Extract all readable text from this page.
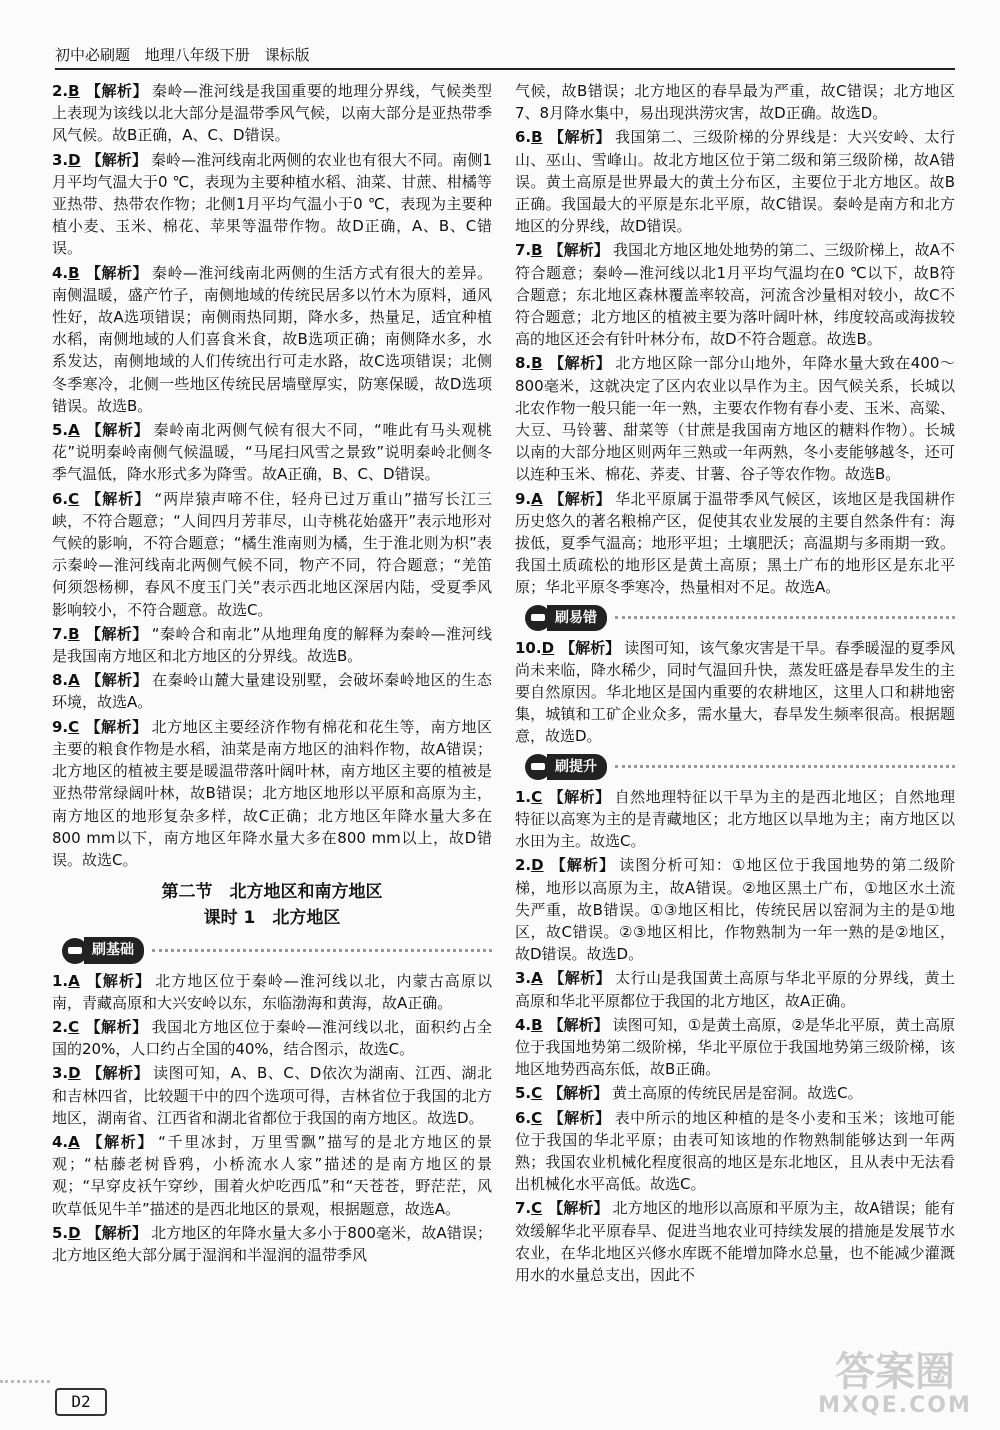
初中必刷题 地理八年级下册 课标版
2.B 【解析】 秦岭—淮河线是我国重要的地理分界线，气候类型上表现为该线以北大部分是温带季风气候，以南大部分是亚热带季风气候。故B正确，A、C、D错误。
3.D 【解析】 秦岭—淮河线南北两侧的农业也有很大不同。南侧1月平均气温大于0 ℃，表现为主要种植水稻、油菜、甘蔗、柑橘等亚热带、热带农作物；北侧1月平均气温小于0 ℃，表现为主要种植小麦、玉米、棉花、苹果等温带作物。故D正确，A、B、C错误。
4.B 【解析】 秦岭—淮河线南北两侧的生活方式有很大的差异。南侧温暖，盛产竹子，南侧地域的传统民居多以竹木为原料，通风性好，故A选项错误；南侧雨热同期，降水多，热量足，适宜种植水稻，南侧地域的人们喜食米食，故B选项正确；南侧降水多，水系发达，南侧地域的人们传统出行可走水路，故C选项错误；北侧冬季寒冷，北侧一些地区传统民居墙壁厚实，防寒保暖，故D选项错误。故选B。
5.A 【解析】 秦岭南北两侧气候有很大不同，“唯此有马头观桃花”说明秦岭南侧气候温暖，“马尾扫风雪之景致”说明秦岭北侧冬季气温低，降水形式多为降雪。故A正确，B、C、D错误。
6.C 【解析】 “两岸猿声啼不住，轻舟已过万重山”描写长江三峡，不符合题意；“人间四月芳菲尽，山寺桃花始盛开”表示地形对气候的影响，不符合题意；“橘生淮南则为橘，生于淮北则为枳”表示秦岭—淮河线南北两侧气候不同，物产不同，符合题意；“羌笛何须怨杨柳，春风不度玉门关”表示西北地区深居内陆，受夏季风影响较小，不符合题意。故选C。
7.B 【解析】 “秦岭合和南北”从地理角度的解释为秦岭—淮河线是我国南方地区和北方地区的分界线。故选B。
8.A 【解析】 在秦岭山麓大量建设别墅，会破坏秦岭地区的生态环境，故选A。
9.C 【解析】 北方地区主要经济作物有棉花和花生等，南方地区主要的粮食作物是水稻，油菜是南方地区的油料作物，故A错误；北方地区的植被主要是暖温带落叶阔叶林，南方地区主要的植被是亚热带常绿阔叶林，故B错误；北方地区地形以平原和高原为主，南方地区的地形复杂多样，故C正确；北方地区年降水量大多在800 mm以下，南方地区年降水量大多在800 mm以上，故D错误。故选C。
第二节　北方地区和南方地区
课时 1　北方地区
刷基础
1.A 【解析】 北方地区位于秦岭—淮河线以北，内蒙古高原以南，青藏高原和大兴安岭以东，东临渤海和黄海，故A正确。
2.C 【解析】 我国北方地区位于秦岭—淮河线以北，面积约占全国的20%，人口约占全国的40%，结合图示，故选C。
3.D 【解析】 读图可知，A、B、C、D依次为湖南、江西、湖北和吉林四省，比较题干中的四个选项可得，吉林省位于我国的北方地区，湖南省、江西省和湖北省都位于我国的南方地区。故选D。
4.A 【解析】 “千里冰封，万里雪飘”描写的是北方地区的景观；“枯藤老树昏鸦，小桥流水人家”描述的是南方地区的景观；“早穿皮袄午穿纱，围着火炉吃西瓜”和“天苍苍，野茫茫，风吹草低见牛羊”描述的是西北地区的景观，根据题意，故选A。
5.D 【解析】 北方地区的年降水量大多小于800毫米，故A错误；北方地区绝大部分属于湿润和半湿润的温带季风
气候，故B错误；北方地区的春旱最为严重，故C错误；北方地区7、8月降水集中，易出现洪涝灾害，故D正确。故选D。
6.B 【解析】 我国第二、三级阶梯的分界线是：大兴安岭、太行山、巫山、雪峰山。故北方地区位于第二级和第三级阶梯，故A错误。黄土高原是世界最大的黄土分布区，主要位于北方地区。故B正确。我国最大的平原是东北平原，故C错误。秦岭是南方和北方地区的分界线，故D错误。
7.B 【解析】 我国北方地区地处地势的第二、三级阶梯上，故A不符合题意；秦岭—淮河线以北1月平均气温均在0 ℃以下，故B符合题意；东北地区森林覆盖率较高，河流含沙量相对较小，故C不符合题意；北方地区的植被主要为落叶阔叶林，纬度较高或海拔较高的地区还会有针叶林分布，故D不符合题意。故选B。
8.B 【解析】 北方地区除一部分山地外，年降水量大致在400～800毫米，这就决定了区内农业以旱作为主。因气候关系，长城以北农作物一般只能一年一熟，主要农作物有春小麦、玉米、高粱、大豆、马铃薯、甜菜等（甘蔗是我国南方地区的糖料作物）。长城以南的大部分地区则两年三熟或一年两熟，冬小麦能够越冬，还可以连种玉米、棉花、荞麦、甘薯、谷子等农作物。故选B。
9.A 【解析】 华北平原属于温带季风气候区，该地区是我国耕作历史悠久的著名粮棉产区，促使其农业发展的主要自然条件有：海拔低，夏季气温高；地形平坦；土壤肥沃；高温期与多雨期一致。我国土质疏松的地形区是黄土高原；黑土广布的地形区是东北平原；华北平原冬季寒冷，热量相对不足。故选A。
刷易错
10.D 【解析】 读图可知，该气象灾害是干旱。春季暖湿的夏季风尚未来临，降水稀少，同时气温回升快，蒸发旺盛是春旱发生的主要自然原因。华北地区是国内重要的农耕地区，这里人口和耕地密集，城镇和工矿企业众多，需水量大，春旱发生频率很高。根据题意，故选D。
刷提升
1.C 【解析】 自然地理特征以干旱为主的是西北地区；自然地理特征以高寒为主的是青藏地区；北方地区以旱地为主；南方地区以水田为主。故选C。
2.D 【解析】 读图分析可知：①地区位于我国地势的第二级阶梯，地形以高原为主，故A错误。②地区黑土广布，①地区水土流失严重，故B错误。①③地区相比，传统民居以窑洞为主的是①地区，故C错误。②③地区相比，作物熟制为一年一熟的是②地区，故D错误。故选D。
3.A 【解析】 太行山是我国黄土高原与华北平原的分界线，黄土高原和华北平原都位于我国的北方地区，故A正确。
4.B 【解析】 读图可知，①是黄土高原，②是华北平原，黄土高原位于我国地势第二级阶梯，华北平原位于我国地势第三级阶梯，该地区地势西高东低，故B正确。
5.C 【解析】 黄土高原的传统民居是窑洞。故选C。
6.C 【解析】 表中所示的地区种植的是冬小麦和玉米；该地可能位于我国的华北平原；由表可知该地的作物熟制能够达到一年两熟；我国农业机械化程度很高的地区是东北地区，且从表中无法看出机械化水平高低。故选C。
7.C 【解析】 北方地区的地形以高原和平原为主，故A错误；能有效缓解华北平原春旱、促进当地农业可持续发展的措施是发展节水农业，在华北地区兴修水库既不能增加降水总量，也不能减少灌溉用水的水量总支出，因此不
D2
答案圈
MXQE.COM
